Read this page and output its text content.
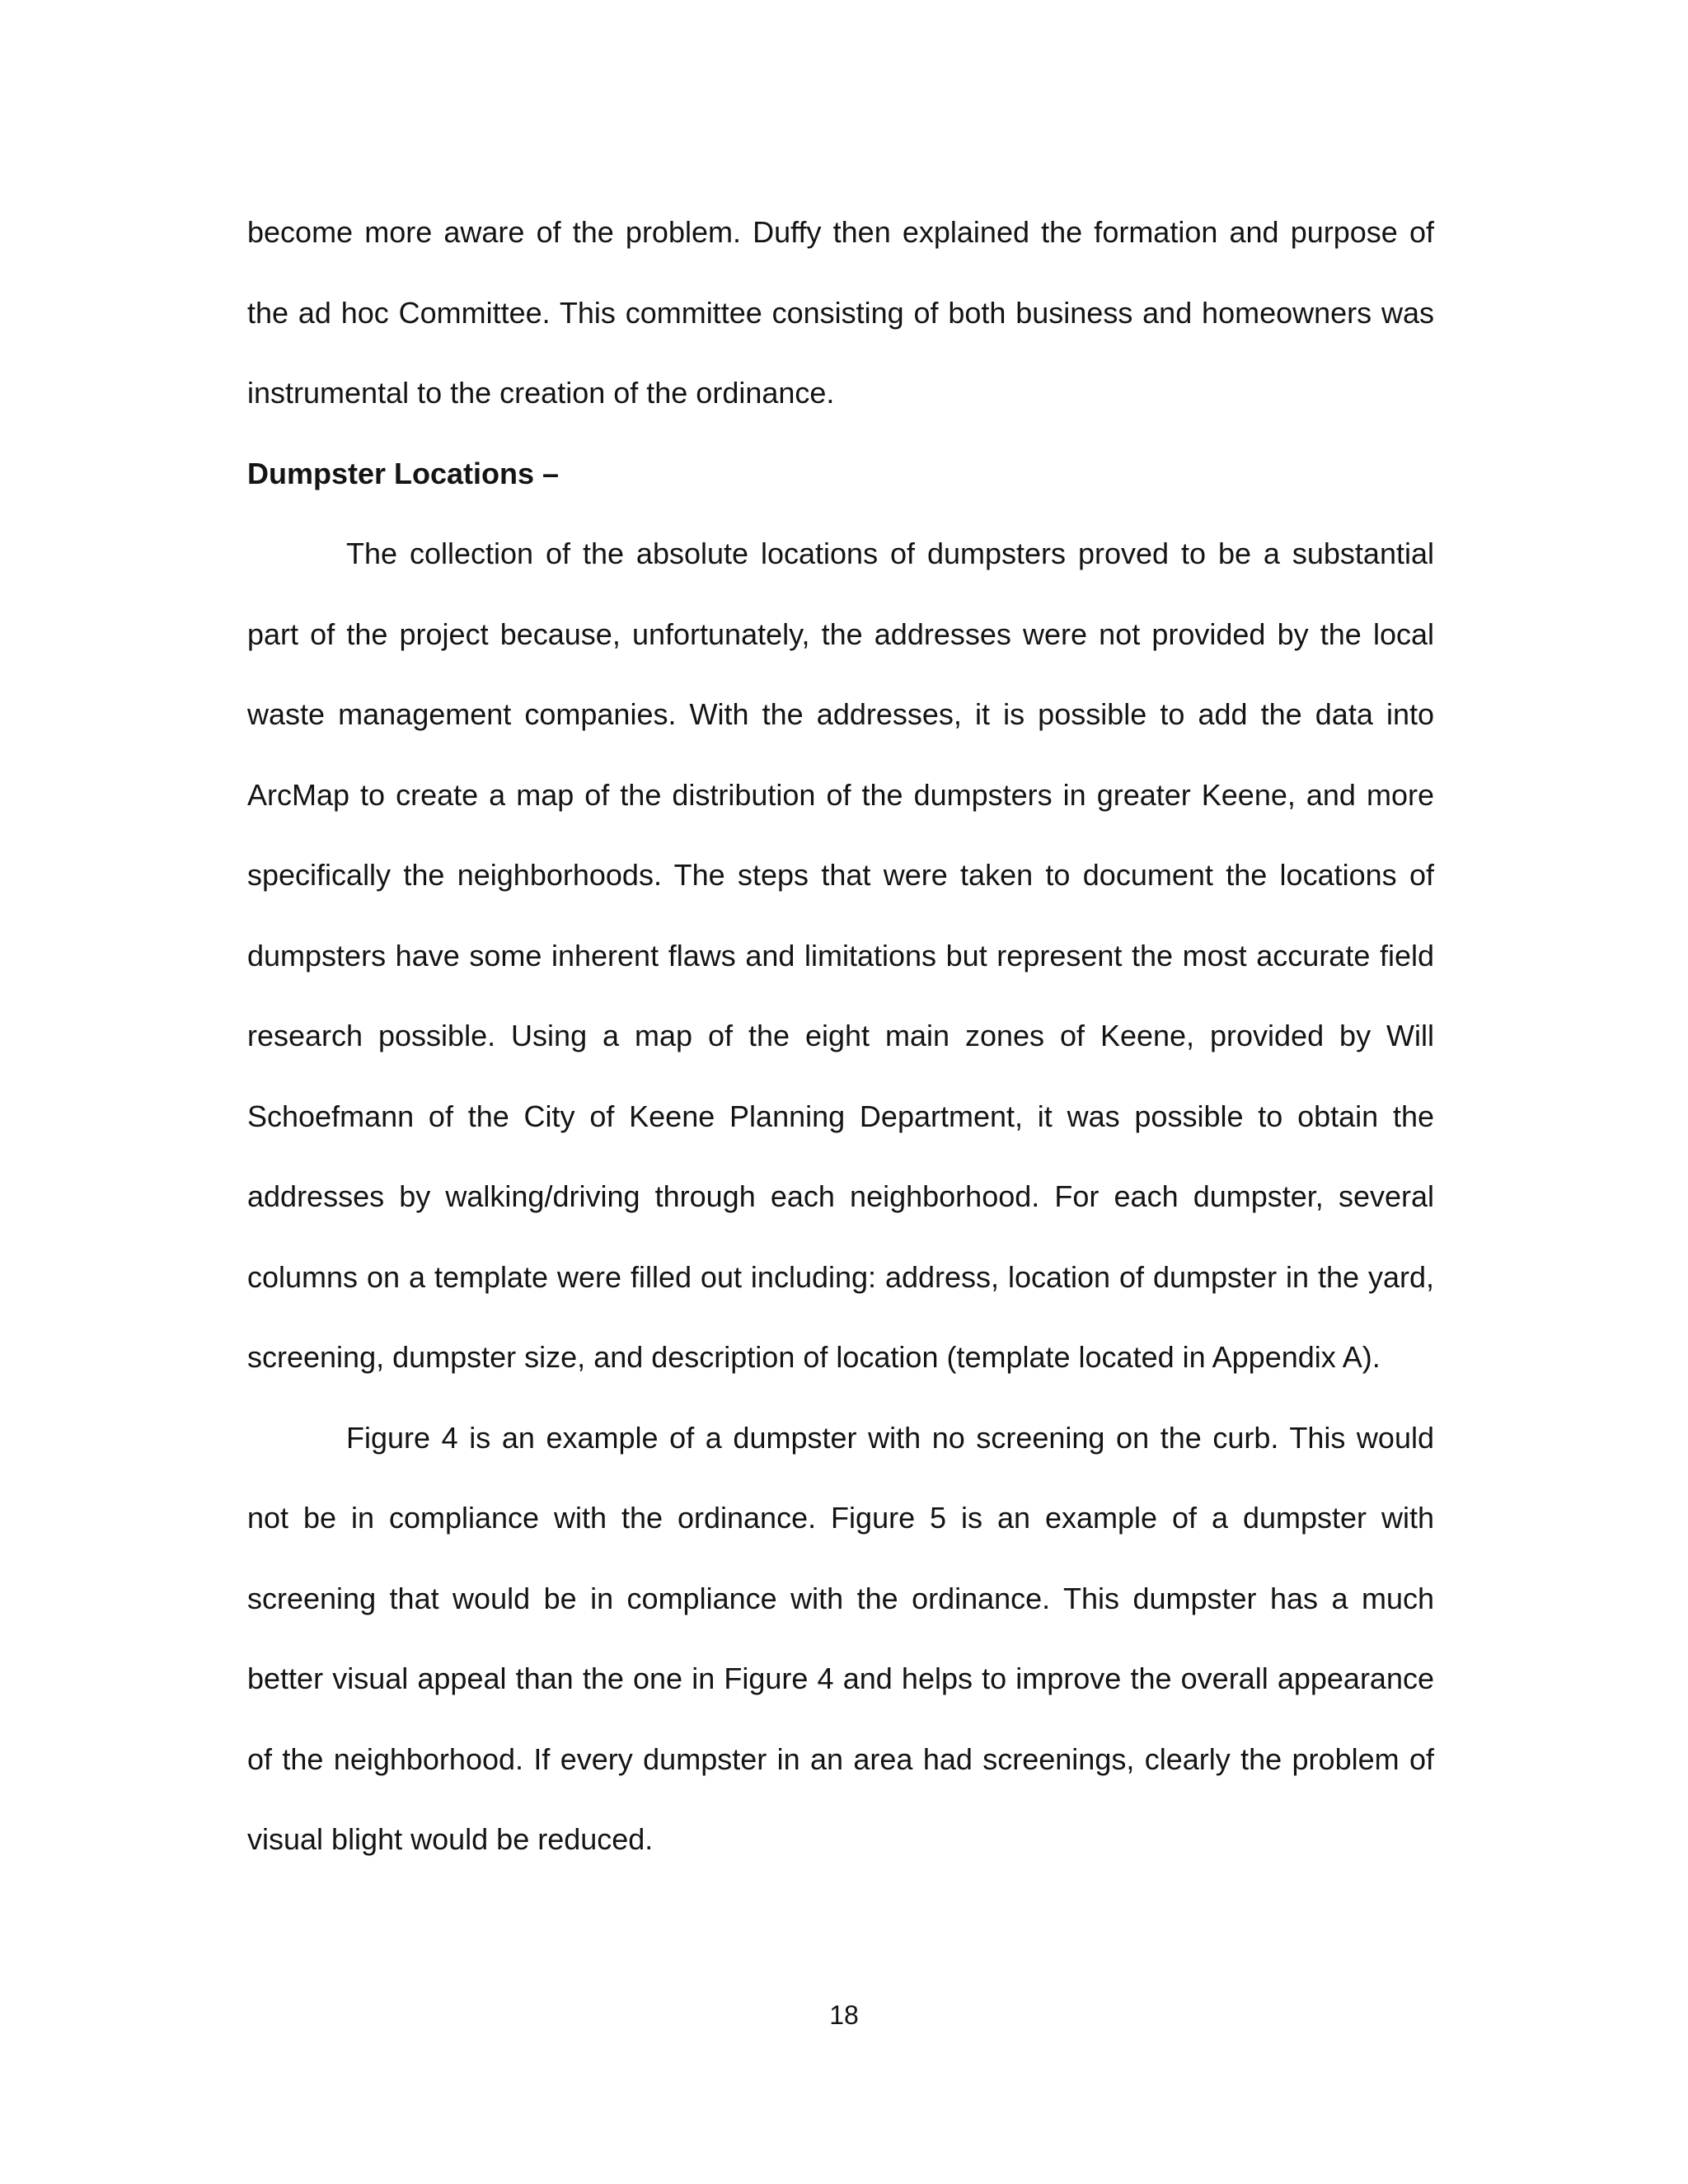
become more aware of the problem. Duffy then explained the formation and purpose of the ad hoc Committee. This committee consisting of both business and homeowners was instrumental to the creation of the ordinance.

Dumpster Locations –

The collection of the absolute locations of dumpsters proved to be a substantial part of the project because, unfortunately, the addresses were not provided by the local waste management companies. With the addresses, it is possible to add the data into ArcMap to create a map of the distribution of the dumpsters in greater Keene, and more specifically the neighborhoods. The steps that were taken to document the locations of dumpsters have some inherent flaws and limitations but represent the most accurate field research possible. Using a map of the eight main zones of Keene, provided by Will Schoefmann of the City of Keene Planning Department, it was possible to obtain the addresses by walking/driving through each neighborhood. For each dumpster, several columns on a template were filled out including: address, location of dumpster in the yard, screening, dumpster size, and description of location (template located in Appendix A).

Figure 4 is an example of a dumpster with no screening on the curb. This would not be in compliance with the ordinance. Figure 5 is an example of a dumpster with screening that would be in compliance with the ordinance. This dumpster has a much better visual appeal than the one in Figure 4 and helps to improve the overall appearance of the neighborhood. If every dumpster in an area had screenings, clearly the problem of visual blight would be reduced.

18
